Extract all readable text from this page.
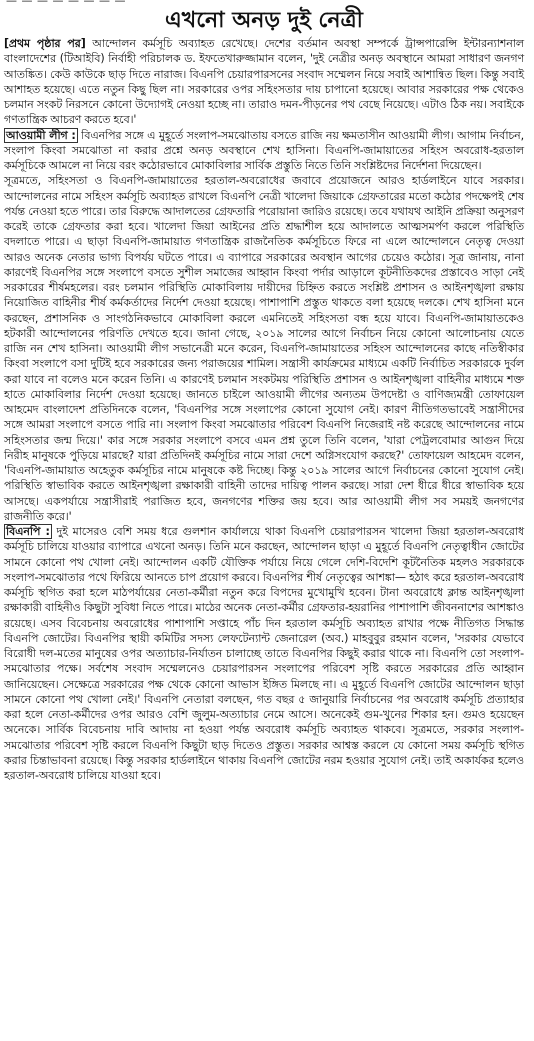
— — — — — — — —
এখনো অনড় দুই নেত্রী

[প্রথম পৃষ্ঠার পর] আন্দোলন কর্মসূচি অব্যাহত রেখেছে। দেশের বর্তমান অবস্থা সম্পর্কে ট্রান্সপারেন্সি ইন্টারন্যাশনাল বাংলাদেশের (টিআইবি) নির্বাহী পরিচালক ড. ইফতেখারুজ্জামান বলেন, 'দুই নেত্রীর অনড় অবস্থানে আমরা সাধারণ জনগণ আতঙ্কিত। কেউ কাউকে ছাড় দিতে নারাজ। বিএনপি চেয়ারপারসনের সংবাদ সম্মেলন নিয়ে সবাই আশান্বিত ছিল। কিন্তু সবাই আশাহত হয়েছে। এতে নতুন কিছু ছিল না। সরকারের ওপর সহিংসতার দায় চাপানো হয়েছে। আবার সরকারের পক্ষ থেকেও চলমান সংকট নিরসনে কোনো উদ্যোগই নেওয়া হচ্ছে না। তারাও দমন-পীড়নের পথ বেছে নিয়েছে। এটাও ঠিক নয়। সবাইকে গণতান্ত্রিক আচরণ করতে হবে।'

আওয়ামী লীগ : বিএনপির সঙ্গে এ মুহূর্তে সংলাপ-সমঝোতায় বসতে রাজি নয় ক্ষমতাসীন আওয়ামী লীগ। আগাম নির্বাচন, সংলাপ কিংবা সমঝোতা না করার প্রশ্নে অনড় অবস্থানে শেখ হাসিনা। বিএনপি-জামায়াতের সহিংস অবরোধ-হরতাল কর্মসূচিকে আমলে না নিয়ে বরং কঠোরভাবে মোকাবিলার সার্বিক প্রস্তুতি নিতে তিনি সংশ্লিষ্টদের নির্দেশনা দিয়েছেন।

সূত্রমতে, সহিংসতা ও বিএনপি-জামায়াতের হরতাল-অবরোধের জবাবে প্রয়োজনে আরও হার্ডলাইনে যাবে সরকার। আন্দোলনের নামে সহিংস কর্মসূচি অব্যাহত রাখলে বিএনপি নেত্রী খালেদা জিয়াকে গ্রেফতারের মতো কঠোর পদক্ষেপই শেষ পর্যন্ত নেওয়া হতে পারে। তার বিরুদ্ধে আদালতের গ্রেফতারি পরোয়ানা জারিও রয়েছে। তবে যথাযথ আইনি প্রক্রিয়া অনুসরণ করেই তাকে গ্রেফতার করা হবে। খালেদা জিয়া আইনের প্রতি শ্রদ্ধাশীল হয়ে আদালতে আত্মসমর্পণ করলে পরিস্থিতি বদলাতে পারে। এ ছাড়া বিএনপি-জামায়াত গণতান্ত্রিক রাজনৈতিক কর্মসূচিতে ফিরে না এলে আন্দোলনে নেতৃত্ব দেওয়া আরও অনেক নেতার ভাগ্য বিপর্যয় ঘটতে পারে। এ ব্যাপারে সরকারের অবস্থান আগের চেয়েও কঠোর। সূত্র জানায়, নানা কারণেই বিএনপির সঙ্গে সংলাপে বসতে সুশীল সমাজের আহ্বান কিংবা পর্দার আড়ালে কূটনীতিকদের প্রস্তাবেও সাড়া নেই সরকারের শীর্ষমহলের। বরং চলমান পরিস্থিতি মোকাবিলায় দায়ীদের চিহ্নিত করতে সংশ্লিষ্ট প্রশাসন ও আইনশৃঙ্খলা রক্ষায় নিয়োজিত বাহিনীর শীর্ষ কর্মকর্তাদের নির্দেশ দেওয়া হয়েছে। পাশাপাশি প্রস্তুত থাকতে বলা হয়েছে দলকে। শেখ হাসিনা মনে করছেন, প্রশাসনিক ও সাংগঠনিকভাবে মোকাবিলা করলে এমনিতেই সহিংসতা বন্ধ হয়ে যাবে। বিএনপি-জামায়াতকেও হটকারী আন্দোলনের পরিণতি দেখতে হবে। জানা গেছে, ২০১৯ সালের আগে নির্বাচন নিয়ে কোনো আলোচনায় যেতে রাজি নন শেখ হাসিনা। আওয়ামী লীগ সভানেত্রী মনে করেন, বিএনপি-জামায়াতের সহিংস আন্দোলনের কাছে নতিস্বীকার কিংবা সংলাপে বসা দুটিই হবে সরকারের জন্য পরাজয়ের শামিল। সন্ত্রাসী কার্যক্রমের মাধ্যমে একটি নির্বাচিত সরকারকে দুর্বল করা যাবে না বলেও মনে করেন তিনি। এ কারণেই চলমান সংকটময় পরিস্থিতি প্রশাসন ও আইনশৃঙ্খলা বাহিনীর মাধ্যমে শক্ত হাতে মোকাবিলার নির্দেশ দেওয়া হয়েছে। জানতে চাইলে আওয়ামী লীগের অন্যতম উপদেষ্টা ও বাণিজ্যমন্ত্রী তোফায়েল আহমেদ বাংলাদেশ প্রতিদিনকে বলেন, 'বিএনপির সঙ্গে সংলাপের কোনো সুযোগ নেই। কারণ নীতিগতভাবেই সন্ত্রাসীদের সঙ্গে আমরা সংলাপে বসতে পারি না। সংলাপ কিংবা সমঝোতার পরিবেশ বিএনপি নিজেরাই নষ্ট করেছে আন্দোলনের নামে সহিংসতার জন্ম দিয়ে।' কার সঙ্গে সরকার সংলাপে বসবে এমন প্রশ্ন তুলে তিনি বলেন, 'যারা পেট্রলবোমার আগুন দিয়ে নিরীহ মানুষকে পুড়িয়ে মারছে? যারা প্রতিদিনই কর্মসূচির নামে সারা দেশে অগ্নিসংযোগ করছে?' তোফায়েল আহমেদ বলেন, 'বিএনপি-জামায়াত অহেতুক কর্মসূচির নামে মানুষকে কষ্ট দিচ্ছে। কিন্তু ২০১৯ সালের আগে নির্বাচনের কোনো সুযোগ নেই। পরিস্থিতি স্বাভাবিক করতে আইনশৃঙ্খলা রক্ষাকারী বাহিনী তাদের দায়িত্ব পালন করছে। সারা দেশ ধীরে ধীরে স্বাভাবিক হয়ে আসছে। একপর্যায়ে সন্ত্রাসীরাই পরাজিত হবে, জনগণের শক্তির জয় হবে। আর আওয়ামী লীগ সব সময়ই জনগণের রাজনীতি করে।'

বিএনপি : দুই মাসেরও বেশি সময় ধরে গুলশান কার্যালয়ে থাকা বিএনপি চেয়ারপারসন খালেদা জিয়া হরতাল-অবরোধ কর্মসূচি চালিয়ে যাওয়ার ব্যাপারে এখনো অনড়। তিনি মনে করছেন, আন্দোলন ছাড়া এ মুহূর্তে বিএনপি নেতৃত্বাধীন জোটের সামনে কোনো পথ খোলা নেই। আন্দোলন একটি যৌক্তিক পর্যায়ে নিয়ে গেলে দেশি-বিদেশি কূটনৈতিক মহলও সরকারকে সংলাপ-সমঝোতার পথে ফিরিয়ে আনতে চাপ প্রয়োগ করবে। বিএনপির শীর্ষ নেতৃত্বের আশঙ্কা— হঠাৎ করে হরতাল-অবরোধ কর্মসূচি স্থগিত করা হলে মাঠপর্যায়ের নেতা-কর্মীরা নতুন করে বিপদের মুখোমুখি হবেন। টানা অবরোধে ক্লান্ত আইনশৃঙ্খলা রক্ষাকারী বাহিনীও কিছুটা সুবিধা নিতে পারে। মাঠের অনেক নেতা-কর্মীর গ্রেফতার-হয়রানির পাশাপাশি জীবননাশের আশঙ্কাও রয়েছে। এসব বিবেচনায় অবরোধের পাশাপাশি সপ্তাহে পাঁচ দিন হরতাল কর্মসূচি অব্যাহত রাখার পক্ষে নীতিগত সিদ্ধান্ত বিএনপি জোটের। বিএনপির স্থায়ী কমিটির সদস্য লেফটেন্যান্ট জেনারেল (অব.) মাহবুবুর রহমান বলেন, 'সরকার যেভাবে বিরোধী দল-মতের মানুষের ওপর অত্যাচার-নির্যাতন চালাচ্ছে তাতে বিএনপির কিছুই করার থাকে না। বিএনপি তো সংলাপ-সমঝোতার পক্ষে। সর্বশেষ সংবাদ সম্মেলনেও চেয়ারপারসন সংলাপের পরিবেশ সৃষ্টি করতে সরকারের প্রতি আহ্বান জানিয়েছেন। সেক্ষেত্রে সরকারের পক্ষ থেকে কোনো আভাস ইঙ্গিত মিলছে না। এ মুহূর্তে বিএনপি জোটের আন্দোলন ছাড়া সামনে কোনো পথ খোলা নেই।' বিএনপি নেতারা বলছেন, গত বছর ৫ জানুয়ারি নির্বাচনের পর অবরোধ কর্মসূচি প্রত্যাহার করা হলে নেতা-কর্মীদের ওপর আরও বেশি জুলুম-অত্যাচার নেমে আসে। অনেকেই গুম-খুনের শিকার হন। গুমও হয়েছেন অনেকে। সার্বিক বিবেচনায় দাবি আদায় না হওয়া পর্যন্ত অবরোধ কর্মসূচি অব্যাহত থাকবে। সূত্রমতে, সরকার সংলাপ-সমঝোতার পরিবেশ সৃষ্টি করলে বিএনপি কিছুটা ছাড় দিতেও প্রস্তুত। সরকার আশ্বস্ত করলে যে কোনো সময় কর্মসূচি স্থগিত করার চিন্তাভাবনা রয়েছে। কিন্তু সরকার হার্ডলাইনে থাকায় বিএনপি জোটের নরম হওয়ার সুযোগ নেই। তাই অকার্যকর হলেও হরতাল-অবরোধ চালিয়ে যাওয়া হবে।
